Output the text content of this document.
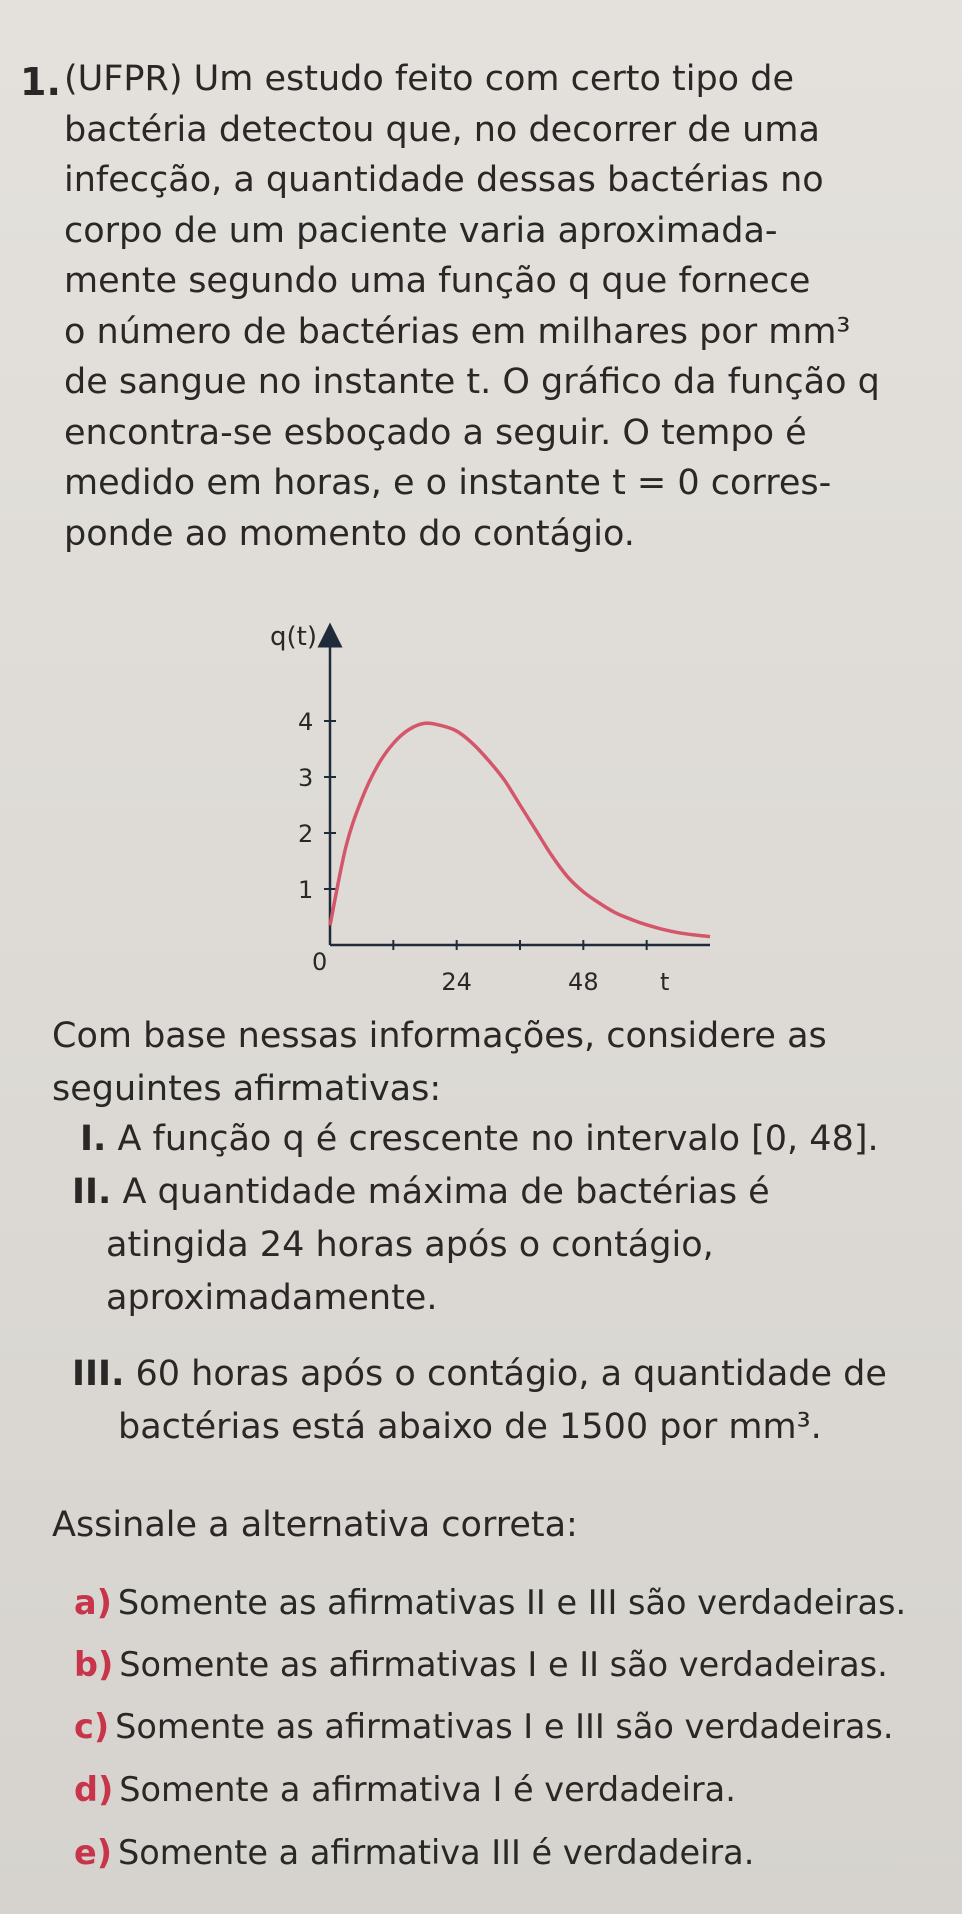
1. (UFPR) Um estudo feito com certo tipo de
bactéria detectou que, no decorrer de uma
infecção, a quantidade dessas bactérias no
corpo de um paciente varia aproximada-
mente segundo uma função q que fornece
o número de bactérias em milhares por mm³
de sangue no instante t. O gráfico da função q
encontra-se esboçado a seguir. O tempo é
medido em horas, e o instante t = 0 corres-
ponde ao momento do contágio.
q(t)
t
0
1
2
3
4
24	48
Com base nessas informações, considere as seguintes afirmativas:
I. A função q é crescente no intervalo [0, 48].
II. A quantidade máxima de bactérias é
atingida 24 horas após o contágio,
aproximadamente.
III. 60 horas após o contágio, a quantidade de
bactérias está abaixo de 1500 por mm³.
Assinale a alternativa correta:
a) Somente as afirmativas II e III são verdadeiras.
b) Somente as afirmativas I e II são verdadeiras.
c) Somente as afirmativas I e III são verdadeiras.
d) Somente a afirmativa I é verdadeira.
e) Somente a afirmativa III é verdadeira.
